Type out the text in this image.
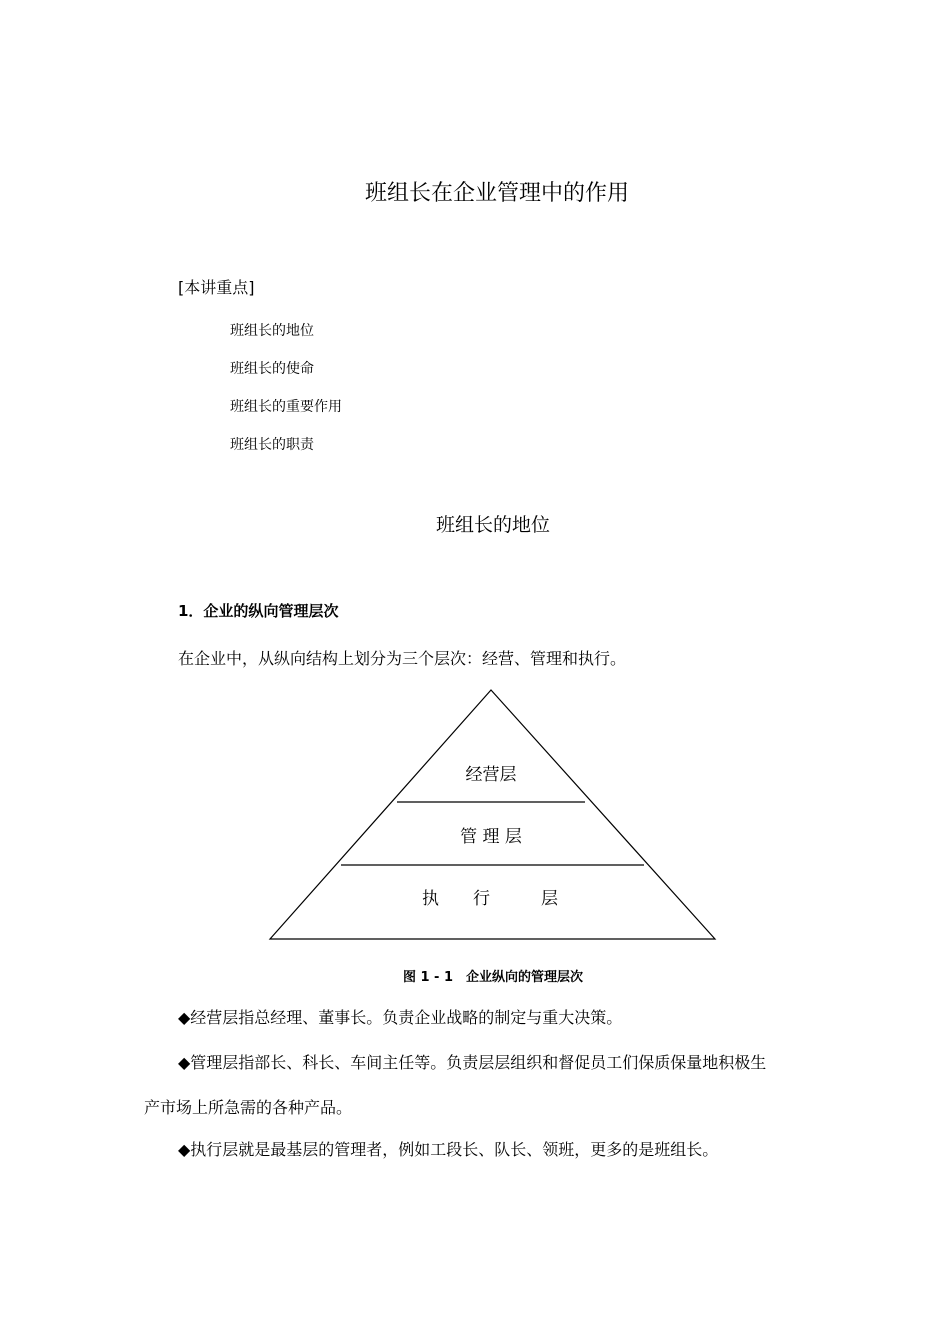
班组长在企业管理中的作用
[本讲重点]
班组长的地位
班组长的使命
班组长的重要作用
班组长的职责
班组长的地位
1．企业的纵向管理层次
在企业中，从纵向结构上划分为三个层次：经营、管理和执行。
经营层
管 理 层
执　　行　　　层
图 1 - 1　企业纵向的管理层次
◆经营层指总经理、董事长。负责企业战略的制定与重大决策。
◆管理层指部长、科长、车间主任等。负责层层组织和督促员工们保质保量地积极生
产市场上所急需的各种产品。
◆执行层就是最基层的管理者，例如工段长、队长、领班，更多的是班组长。
